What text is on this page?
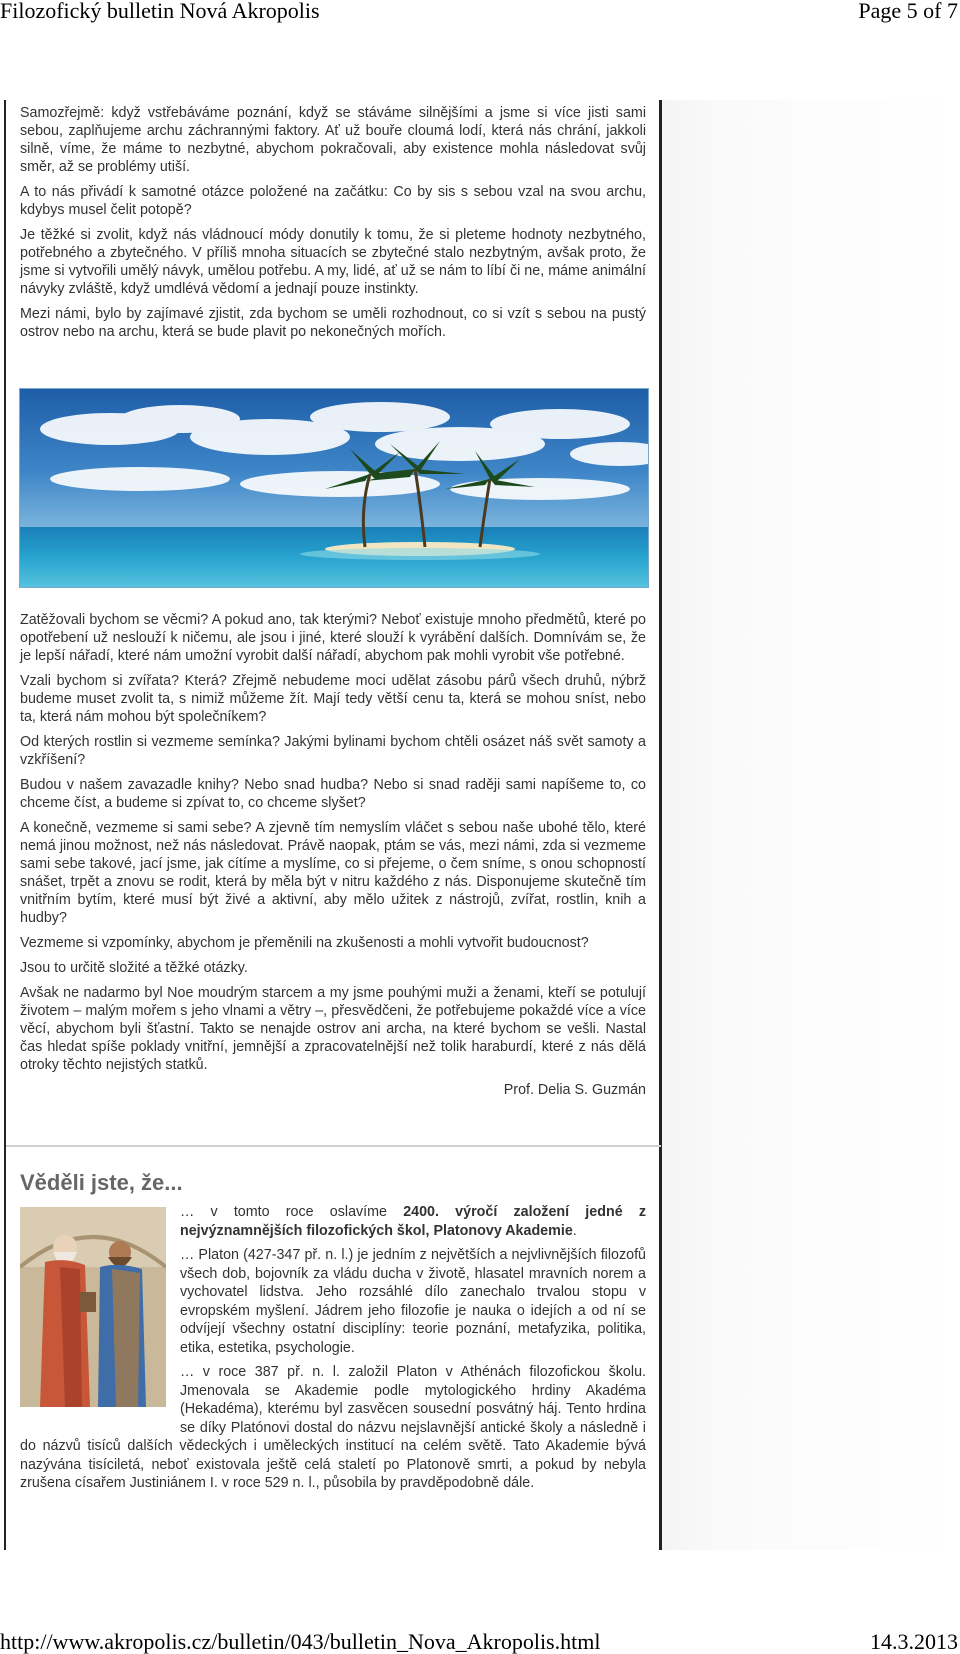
Filozofický bulletin Nová Akropolis	Page 5 of 7

Samozřejmě: když vstřebáváme poznání, když se stáváme silnějšími a jsme si více jisti sami sebou, zaplňujeme archu záchrannými faktory. Ať už bouře cloumá lodí, která nás chrání, jakkoli silně, víme, že máme to nezbytné, abychom pokračovali, aby existence mohla následovat svůj směr, až se problémy utiší.

A to nás přivádí k samotné otázce položené na začátku: Co by sis s sebou vzal na svou archu, kdybys musel čelit potopě?

Je těžké si zvolit, když nás vládnoucí módy donutily k tomu, že si pleteme hodnoty nezbytného, potřebného a zbytečného. V příliš mnoha situacích se zbytečné stalo nezbytným, avšak proto, že jsme si vytvořili umělý návyk, umělou potřebu. A my, lidé, ať už se nám to líbí či ne, máme animální návyky zvláště, když umdlévá vědomí a jednají pouze instinkty.

Mezi námi, bylo by zajímavé zjistit, zda bychom se uměli rozhodnout, co si vzít s sebou na pustý ostrov nebo na archu, která se bude plavit po nekonečných mořích.

Zatěžovali bychom se věcmi? A pokud ano, tak kterými? Neboť existuje mnoho předmětů, které po opotřebení už neslouží k ničemu, ale jsou i jiné, které slouží k vyrábění dalších. Domnívám se, že je lepší nářadí, které nám umožní vyrobit další nářadí, abychom pak mohli vyrobit vše potřebné.

Vzali bychom si zvířata? Která? Zřejmě nebudeme moci udělat zásobu párů všech druhů, nýbrž budeme muset zvolit ta, s nimiž můžeme žít. Mají tedy větší cenu ta, která se mohou sníst, nebo ta, která nám mohou být společníkem?

Od kterých rostlin si vezmeme semínka? Jakými bylinami bychom chtěli osázet náš svět samoty a vzkříšení?

Budou v našem zavazadle knihy? Nebo snad hudba? Nebo si snad raději sami napíšeme to, co chceme číst, a budeme si zpívat to, co chceme slyšet?

A konečně, vezmeme si sami sebe? A zjevně tím nemyslím vláčet s sebou naše ubohé tělo, které nemá jinou možnost, než nás následovat. Právě naopak, ptám se vás, mezi námi, zda si vezmeme sami sebe takové, jací jsme, jak cítíme a myslíme, co si přejeme, o čem sníme, s onou schopností snášet, trpět a znovu se rodit, která by měla být v nitru každého z nás. Disponujeme skutečně tím vnitřním bytím, které musí být živé a aktivní, aby mělo užitek z nástrojů, zvířat, rostlin, knih a hudby?

Vezmeme si vzpomínky, abychom je přeměnili na zkušenosti a mohli vytvořit budoucnost?

Jsou to určitě složité a těžké otázky.

Avšak ne nadarmo byl Noe moudrým starcem a my jsme pouhými muži a ženami, kteří se potulují životem – malým mořem s jeho vlnami a větry –, přesvědčeni, že potřebujeme pokaždé více a více věcí, abychom byli šťastní. Takto se nenajde ostrov ani archa, na které bychom se vešli. Nastal čas hledat spíše poklady vnitřní, jemnější a zpracovatelnější než tolik haraburdí, které z nás dělá otroky těchto nejistých statků.

Prof. Delia S. Guzmán
Věděli jste, že...

… v tomto roce oslavíme 2400. výročí založení jedné z nejvýznamnějších filozofických škol, Platonovy Akademie.

… Platon (427-347 př. n. l.) je jedním z největších a nejvlivnějších filozofů všech dob, bojovník za vládu ducha v životě, hlasatel mravních norem a vychovatel lidstva. Jeho rozsáhlé dílo zanechalo trvalou stopu v evropském myšlení. Jádrem jeho filozofie je nauka o idejích a od ní se odvíjejí všechny ostatní disciplíny: teorie poznání, metafyzika, politika, etika, estetika, psychologie.

… v roce 387 př. n. l. založil Platon v Athénách filozofickou školu. Jmenovala se Akademie podle mytologického hrdiny Akadéma (Hekadéma), kterému byl zasvěcen sousední posvátný háj. Tento hrdina se díky Platónovi dostal do názvu nejslavnější antické školy a následně i do názvů tisíců dalších vědeckých i uměleckých institucí na celém světě. Tato Akademie bývá nazývána tisíciletá, neboť existovala ještě celá staletí po Platonově smrti, a pokud by nebyla zrušena císařem Justiniánem I. v roce 529 n. l., působila by pravděpodobně dále.

http://www.akropolis.cz/bulletin/043/bulletin_Nova_Akropolis.html	14.3.2013
